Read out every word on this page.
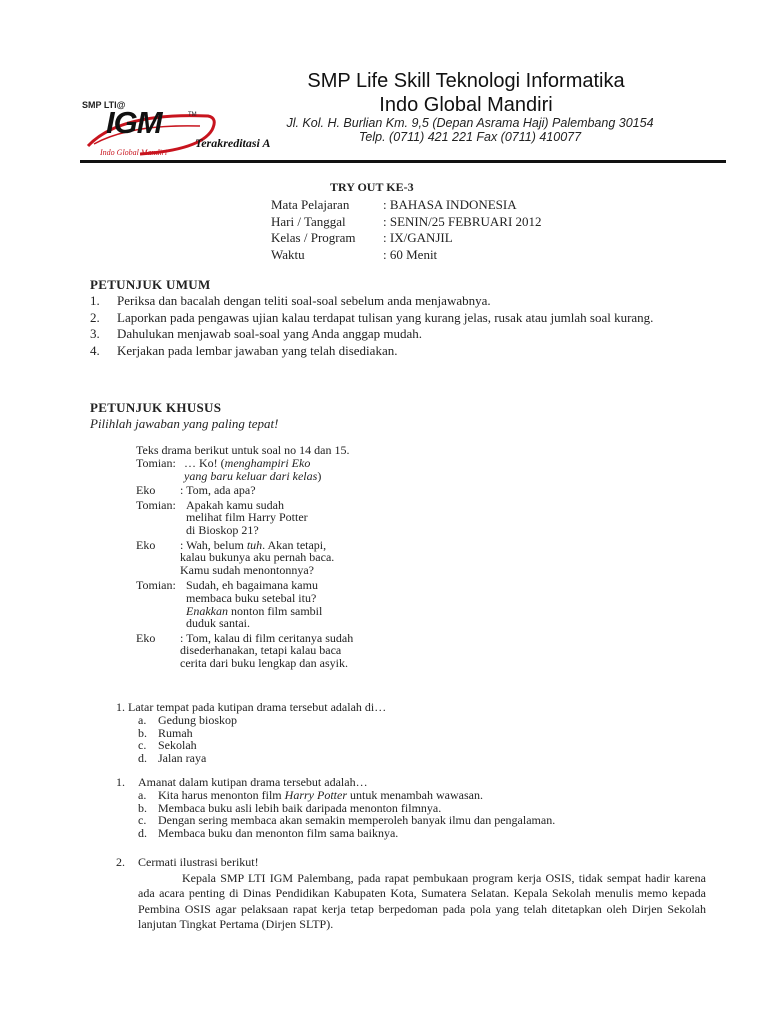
SMP LTI@
IGM	TM
Indo Global Mandiri
Terakreditasi A
SMP Life Skill Teknologi Informatika
Indo Global Mandiri
Jl. Kol. H. Burlian Km. 9,5 (Depan Asrama Haji) Palembang 30154
Telp. (0711) 421 221 Fax (0711) 410077
TRY OUT KE-3
Mata Pelajaran	: BAHASA INDONESIA
Hari / Tanggal	: SENIN/25 FEBRUARI 2012
Kelas / Program : IX/GANJIL
Waktu	: 60 Menit
PETUNJUK UMUM
1. Periksa dan bacalah dengan teliti soal-soal sebelum anda menjawabnya.
2. Laporkan pada pengawas ujian kalau terdapat tulisan yang kurang jelas, rusak atau jumlah soal kurang.
3. Dahulukan menjawab soal-soal yang Anda anggap mudah.
4. Kerjakan pada lembar jawaban yang telah disediakan.
PETUNJUK KHUSUS
Pilihlah jawaban yang paling tepat!
Teks drama berikut untuk soal no 14 dan 15.
Tomian: … Ko! (menghampiri Eko yang baru keluar dari kelas)
Eko : Tom, ada apa?
Tomian: Apakah kamu sudah melihat film Harry Potter di Bioskop 21?
Eko : Wah, belum tuh. Akan tetapi, kalau bukunya aku pernah baca. Kamu sudah menontonnya?
Tomian: Sudah, eh bagaimana kamu membaca buku setebal itu? Enakkan nonton film sambil duduk santai.
Eko : Tom, kalau di film ceritanya sudah disederhanakan, tetapi kalau baca cerita dari buku lengkap dan asyik.
1. Latar tempat pada kutipan drama tersebut adalah di…
a. Gedung bioskop
b. Rumah
c. Sekolah
d. Jalan raya
1. Amanat dalam kutipan drama tersebut adalah…
a. Kita harus menonton film Harry Potter untuk menambah wawasan.
b. Membaca buku asli lebih baik daripada menonton filmnya.
c. Dengan sering membaca akan semakin memperoleh banyak ilmu dan pengalaman.
d. Membaca buku dan menonton film sama baiknya.
2. Cermati ilustrasi berikut!
Kepala SMP LTI IGM Palembang, pada rapat pembukaan program kerja OSIS, tidak sempat hadir karena ada acara penting di Dinas Pendidikan Kabupaten Kota, Sumatera Selatan. Kepala Sekolah menulis memo kepada Pembina OSIS agar pelaksaan rapat kerja tetap berpedoman pada pola yang telah ditetapkan oleh Dirjen Sekolah lanjutan Tingkat Pertama (Dirjen SLTP).
